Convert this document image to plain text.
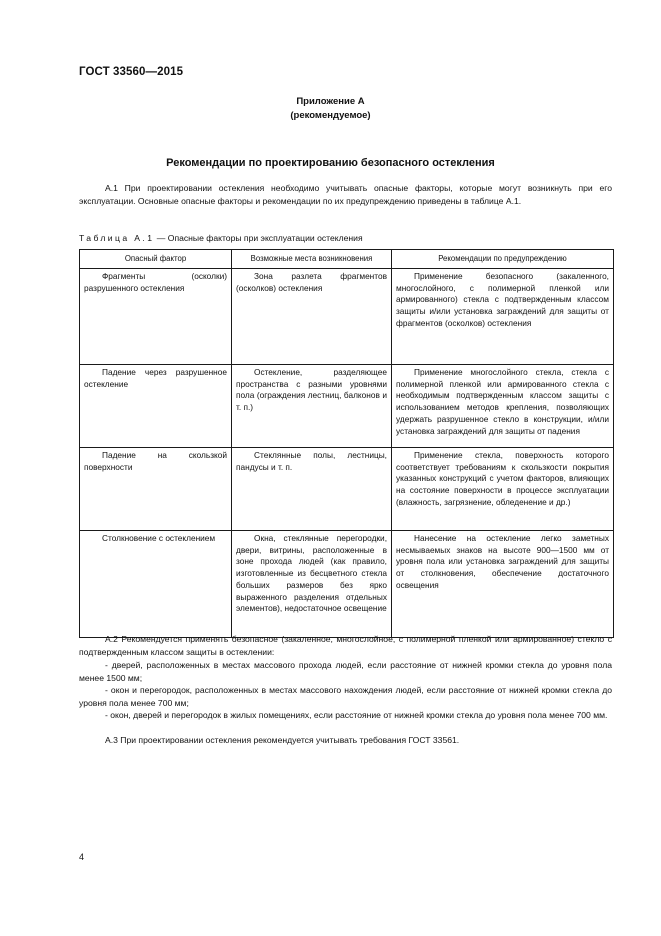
ГОСТ 33560—2015
Приложение А
(рекомендуемое)
Рекомендации по проектированию безопасного остекления
А.1 При проектировании остекления необходимо учитывать опасные факторы, которые могут возникнуть при его эксплуатации. Основные опасные факторы и рекомендации по их предупреждению приведены в таблице А.1.
Таблица А.1 — Опасные факторы при эксплуатации остекления
Опасный фактор	Возможные места возникновения	Рекомендации по предупреждению
Фрагменты (осколки) разрушенного остекления	Зона разлета фрагментов (осколков) остекления	Применение безопасного (закаленного, многослойного, с полимерной пленкой или армированного) стекла с подтвержденным классом защиты и/или установка заграждений для защиты от фрагментов (осколков) остекления
Падение через разрушенное остекление	Остекление, разделяющее пространства с разными уровнями пола (ограждения лестниц, балконов и т. п.)	Применение многослойного стекла, стекла с полимерной пленкой или армированного стекла с необходимым подтвержденным классом защиты с использованием методов крепления, позволяющих удержать разрушенное стекло в конструкции, и/или установка заграждений для защиты от падения
Падение на скользкой поверхности	Стеклянные полы, лестницы, пандусы и т. п.	Применение стекла, поверхность которого соответствует требованиям к скользкости покрытия указанных конструкций с учетом факторов, влияющих на состояние поверхности в процессе эксплуатации (влажность, загрязнение, обледенение и др.)
Столкновение с остеклением	Окна, стеклянные перегородки, двери, витрины, расположенные в зоне прохода людей (как правило, изготовленные из бесцветного стекла больших размеров без ярко выраженного разделения отдельных элементов), недостаточное освещение	Нанесение на остекление легко заметных несмываемых знаков на высоте 900—1500 мм от уровня пола или установка заграждений для защиты от столкновения, обеспечение достаточного освещения
А.2 Рекомендуется применять безопасное (закаленное, многослойное, с полимерной пленкой или армированное) стекло с подтвержденным классом защиты в остеклении:
- дверей, расположенных в местах массового прохода людей, если расстояние от нижней кромки стекла до уровня пола менее 1500 мм;
- окон и перегородок, расположенных в местах массового нахождения людей, если расстояние от нижней кромки стекла до уровня пола менее 700 мм;
- окон, дверей и перегородок в жилых помещениях, если расстояние от нижней кромки стекла до уровня пола менее 700 мм.
А.3 При проектировании остекления рекомендуется учитывать требования ГОСТ 33561.
4
